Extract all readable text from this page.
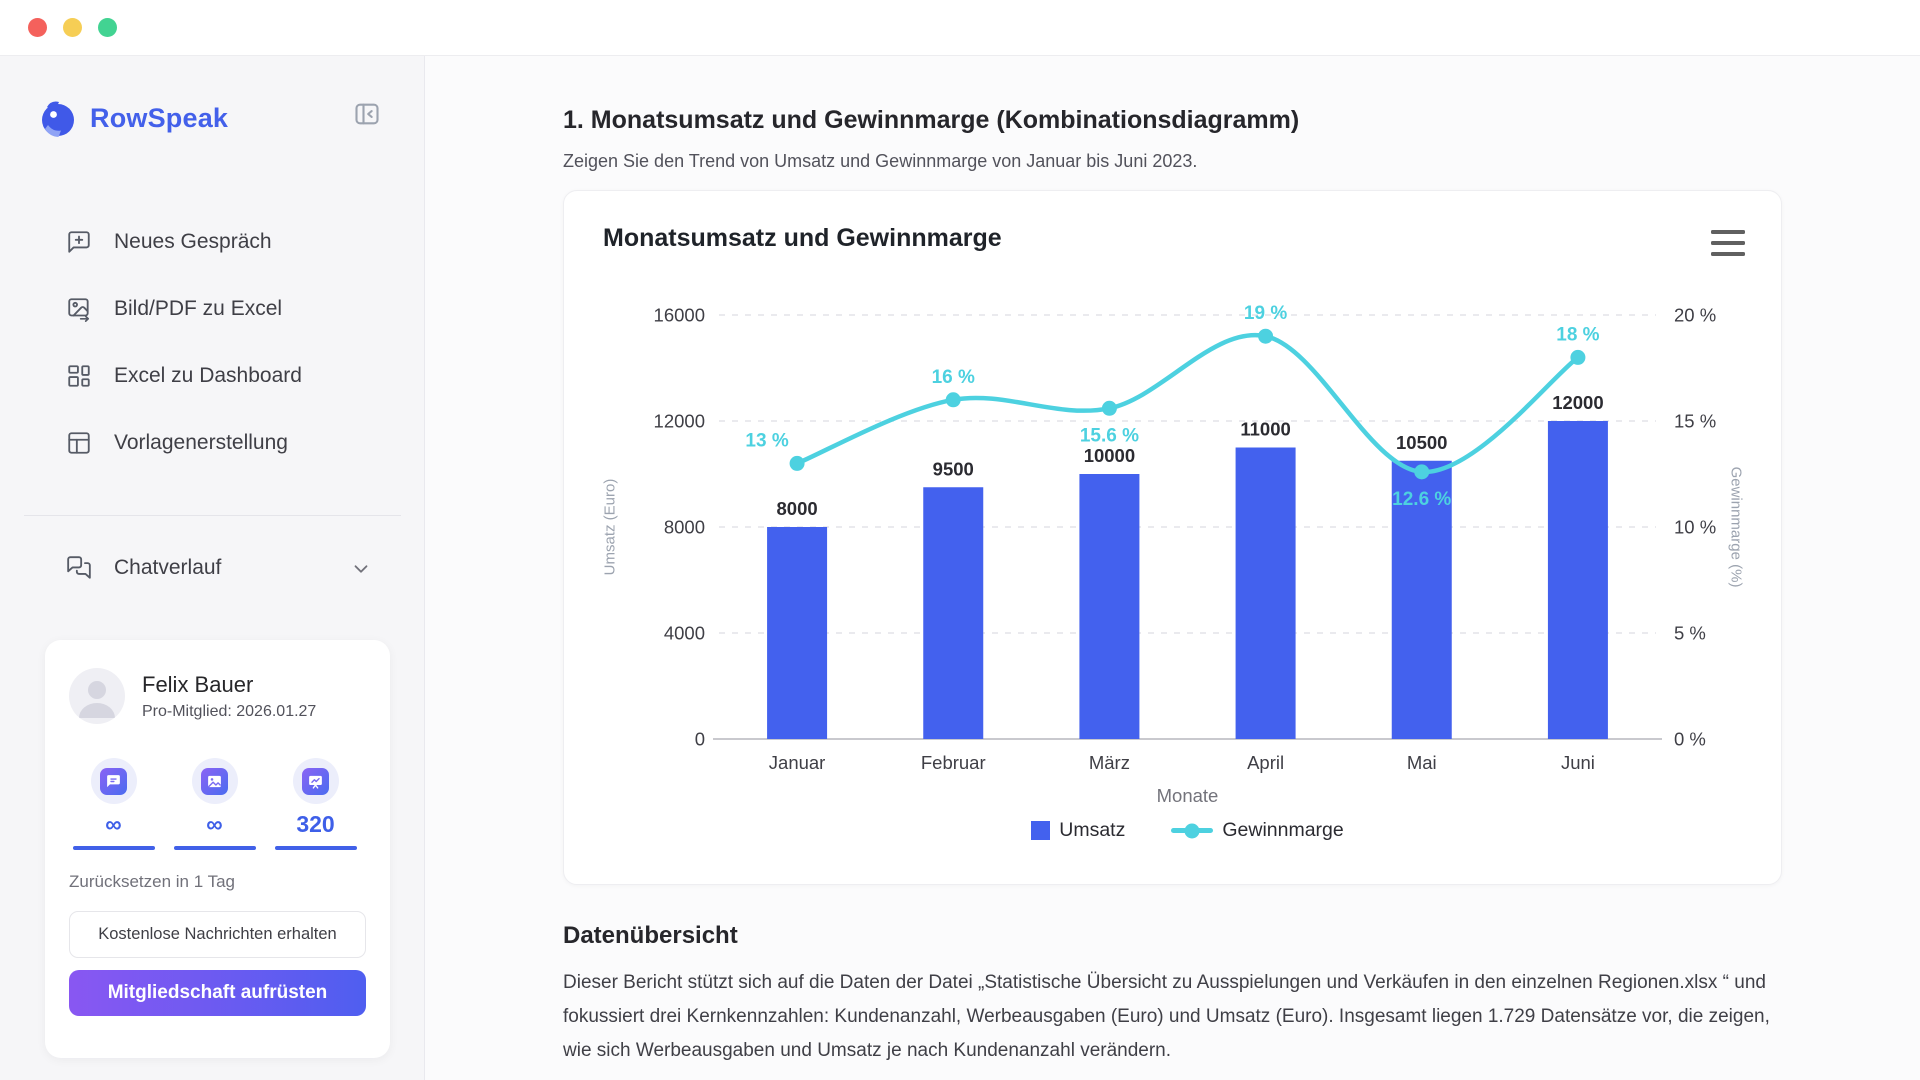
RowSpeak
Neues Gespräch
Bild/PDF zu Excel
Excel zu Dashboard
Vorlagenerstellung
Chatverlauf
Felix Bauer
Pro-Mitglied: 2026.01.27
∞	∞	320
Zurücksetzen in 1 Tag
Kostenlose Nachrichten erhalten
Mitgliedschaft aufrüsten
1. Monatsumsatz und Gewinnmarge (Kombinationsdiagramm)

Zeigen Sie den Trend von Umsatz und Gewinnmarge von Januar bis Juni 2023.

Monatsumsatz und Gewinnmarge
Umsatz (Euro)	Gewinnmarge (%)
0	0 %
4000	5 %
8000	10 %
12000	15 %
16000	20 %
8000
Januar
9500
Februar
10000
März
11000
April
10500
Mai
12000
Juni
13 %
16 %
15.6 %
19 %
12.6 %
18 %
Monate
Umsatz	Gewinnmarge
Datenübersicht

Dieser Bericht stützt sich auf die Daten der Datei „Statistische Übersicht zu Ausspielungen und Verkäufen in den einzelnen Regionen.xlsx “ und fokussiert drei Kernkennzahlen: Kundenanzahl, Werbeausgaben (Euro) und Umsatz (Euro). Insgesamt liegen 1.729 Datensätze vor, die zeigen, wie sich Werbeausgaben und Umsatz je nach Kundenanzahl verändern.
